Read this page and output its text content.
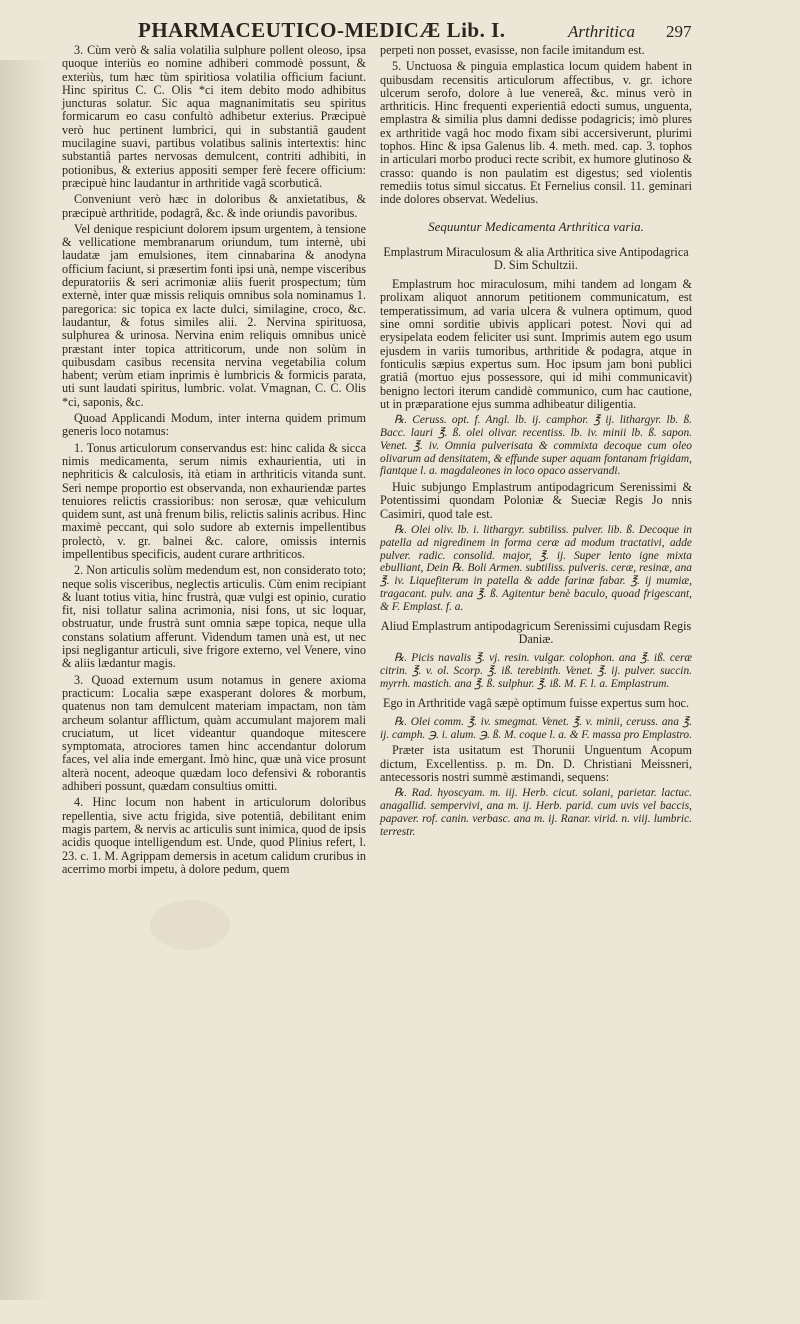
PHARMACEUTICO-MEDICÆ Lib. I.	Arthritica 297

3. Cùm verò & salia volatilia sulphure pollent oleoso, ipsa quoque interiùs eo nomine adhiberi commodè possunt, & exteriùs, tum hæc tùm spiritiosa volatilia officium faciunt. Hinc spiritus C. C. Olis *ci item debito modo adhibitus juncturas solatur. Sic aqua magnanimitatis seu spiritus formicarum eo casu confultò adhibetur exterius. Præcipuè verò huc pertinent lumbrici, qui in substantiâ gaudent mucilagine suavi, partibus volatibus salinis intertextis: hinc substantiâ partes nervosas demulcent, contriti adhibiti, in potionibus, & exterius appositi semper ferè fecere officium: præcipuè hinc laudantur in arthritide vagâ scorbuticâ.

Conveniunt verò hæc in doloribus & anxietatibus, & præcipuè arthritide, podagrâ, &c. & inde oriundis pavoribus.

Vel denique respiciunt dolorem ipsum urgentem, à tensione & vellicatione membranarum oriundum, tum internè, ubi laudatæ jam emulsiones, item cinnabarina & anodyna officium faciunt, si præsertim fonti ipsi unà, nempe visceribus depuratoriis & seri acrimoniæ aliis fuerit prospectum; tùm externè, inter quæ missis reliquis omnibus sola nominamus 1. paregorica: sic topica ex lacte dulci, similagine, croco, &c. laudantur, & fotus similes alii. 2. Nervina spirituosa, sulphurea & urinosa. Nervina enim reliquis omnibus unicè præstant inter topica attriticorum, unde non solùm in quibusdam casibus recensita nervina vegetabilia colum habent; verùm etiam inprimis è lumbricis & formicis parata, uti sunt laudati spiritus, lumbric. volat. Vmagnan, C. C. Olis *ci, saponis, &c.

Quoad Applicandi Modum, inter interna quidem primum generis loco notamus:

1. Tonus articulorum conservandus est: hinc calida & sicca nimis medicamenta, serum nimis exhaurientia, uti in nephriticis & calculosis, ità etiam in arthriticis vitanda sunt. Seri nempe proportio est observanda, non exhauriendæ partes tenuiores relictis crassioribus: non serosæ, quæ vehiculum quidem sunt, ast unà frenum bilis, relictis salinis acribus. Hinc maximè peccant, qui solo sudore ab externis impellentibus prolectò, v. gr. balnei &c. calore, omissis internis impellentibus specificis, audent curare arthriticos.

2. Non articulis solùm medendum est, non considerato toto; neque solis visceribus, neglectis articulis. Cùm enim recipiant & luant totius vitia, hinc frustrà, quæ vulgi est opinio, curatio fit, nisi tollatur salina acrimonia, nisi fons, ut sic loquar, obstruatur, unde frustrà sunt omnia sæpe topica, neque ulla constans solatium afferunt. Videndum tamen unà est, ut nec ipsi negligantur articuli, sive frigore externo, vel Venere, vino & aliis lædantur magis.

3. Quoad externum usum notamus in genere axioma practicum: Localia sæpe exasperant dolores & morbum, quatenus non tam demulcent materiam impactam, non tàm archeum solantur afflictum, quàm accumulant majorem mali cruciatum, ut licet videantur quandoque mitescere symptomata, atrociores tamen hinc accendantur dolorum faces, vel alia inde emergant. Imò hinc, quæ unà vice prosunt alterà nocent, adeoque quædam loco defensivi & roborantis adhiberi possunt, quædam consultius omitti.

4. Hinc locum non habent in articulorum doloribus repellentia, sive actu frigida, sive potentiâ, debilitant enim magis partem, & nervis ac articulis sunt inimica, quod de ipsis acidis quoque intelligendum est. Unde, quod Plinius refert, l. 23. c. 1. M. Agrippam demersis in acetum calidum cruribus in acerrimo morbi impetu, à dolore pedum, quem

perpeti non posset, evasisse, non facile imitandum est.

5. Unctuosa & pinguia emplastica locum quidem habent in quibusdam recensitis articulorum affectibus, v. gr. ichore ulcerum serofo, dolore à lue venereâ, &c. minus verò in arthriticis. Hinc frequenti experientiâ edocti sumus, unguenta, emplastra & similia plus damni dedisse podagricis; imò plures ex arthritide vagâ hoc modo fixam sibi accersiverunt, plurimi tophos. Hinc & ipsa Galenus lib. 4. meth. med. cap. 3. tophos in articulari morbo produci recte scribit, ex humore glutinoso & crasso: quando is non paulatim est digestus; sed violentis remediis totus simul siccatus. Et Fernelius consil. 11. geminari inde dolores observat. Wedelius.

Sequuntur Medicamenta Arthritica varia.

Emplastrum Miraculosum & alia Arthritica sive Antipodagrica D. Sim Schultzii.

Emplastrum hoc miraculosum, mihi tandem ad longam & prolixam aliquot annorum petitionem communicatum, est temperatissimum, ad varia ulcera & vulnera optimum, quod sine omni sorditie ubivis applicari potest. Novi qui ad erysipelata eodem feliciter usi sunt. Imprimis autem ego usum ejusdem in variis tumoribus, arthritide & podagra, atque in fonticulis sæpius expertus sum. Hoc ipsum jam boni publici gratiâ (mortuo ejus possessore, qui id mihi communicavit) benigno lectori iterum candidè communico, cum hac cautione, ut in præparatione ejus summa adhibeatur diligentia.

℞. Ceruss. opt. f. Angl. lb. ij. camphor. ℥ ij. lithargyr. lb. ß. Bacc. lauri ℥. ß. olei olivar. recentiss. lb. iv. minii lb. ß. sapon. Venet. ℥. iv. Omnia pulverisata & commixta decoque cum oleo olivarum ad densitatem, & effunde super aquam fontanam frigidam, fiantque l. a. magdaleones in loco opaco asservandi.

Huic subjungo Emplastrum antipodagricum Serenissimi & Potentissimi quondam Poloniæ & Sueciæ Regis Jo nnis Casimiri, quod tale est.

℞. Olei oliv. lb. i. lithargyr. subtiliss. pulver. lib. ß. Decoque in patella ad nigredinem in forma ceræ ad modum tractativi, adde pulver. radic. consolid. major, ℥. ij. Super lento igne mixta ebulliant, Dein ℞. Boli Armen. subtiliss. pulveris. ceræ, resinæ, ana ℥. iv. Liquefiterum in patella & adde farinæ fabar. ℥. ij mumiæ, tragacant. pulv. ana ℥. ß. Agitentur benè baculo, quoad frigescant, & F. Emplast. f. a.

Aliud Emplastrum antipodagricum Serenissimi cujusdam Regis Daniæ.

℞. Picis navalis ℥. vj. resin. vulgar. colophon. ana ℥. iß. ceræ citrin. ℥. v. ol. Scorp. ℥. iß. terebinth. Venet. ℥. ij. pulver. succin. myrrh. mastich. ana ℥. ß. sulphur. ℥. iß. M. F. l. a. Emplastrum.

Ego in Arthritide vagâ sæpè optimum fuisse expertus sum hoc.

℞. Olei comm. ℥. iv. smegmat. Venet. ℥. v. minii, ceruss. ana ℥. ij. camph. ℈. i. alum. ℈. ß. M. coque l. a. & F. massa pro Emplastro.

Præter ista usitatum est Thorunii Unguentum Acopum dictum, Excellentiss. p. m. Dn. D. Christiani Meissneri, antecessoris nostri summè æstimandi, sequens:

℞. Rad. hyoscyam. m. iij. Herb. cicut. solani, parietar. lactuc. anagallid. sempervivi, ana m. ij. Herb. parid. cum uvis vel baccis, papaver. rof. canin. verbasc. ana m. ij. Ranar. virid. n. viij. lumbric. terrestr.
